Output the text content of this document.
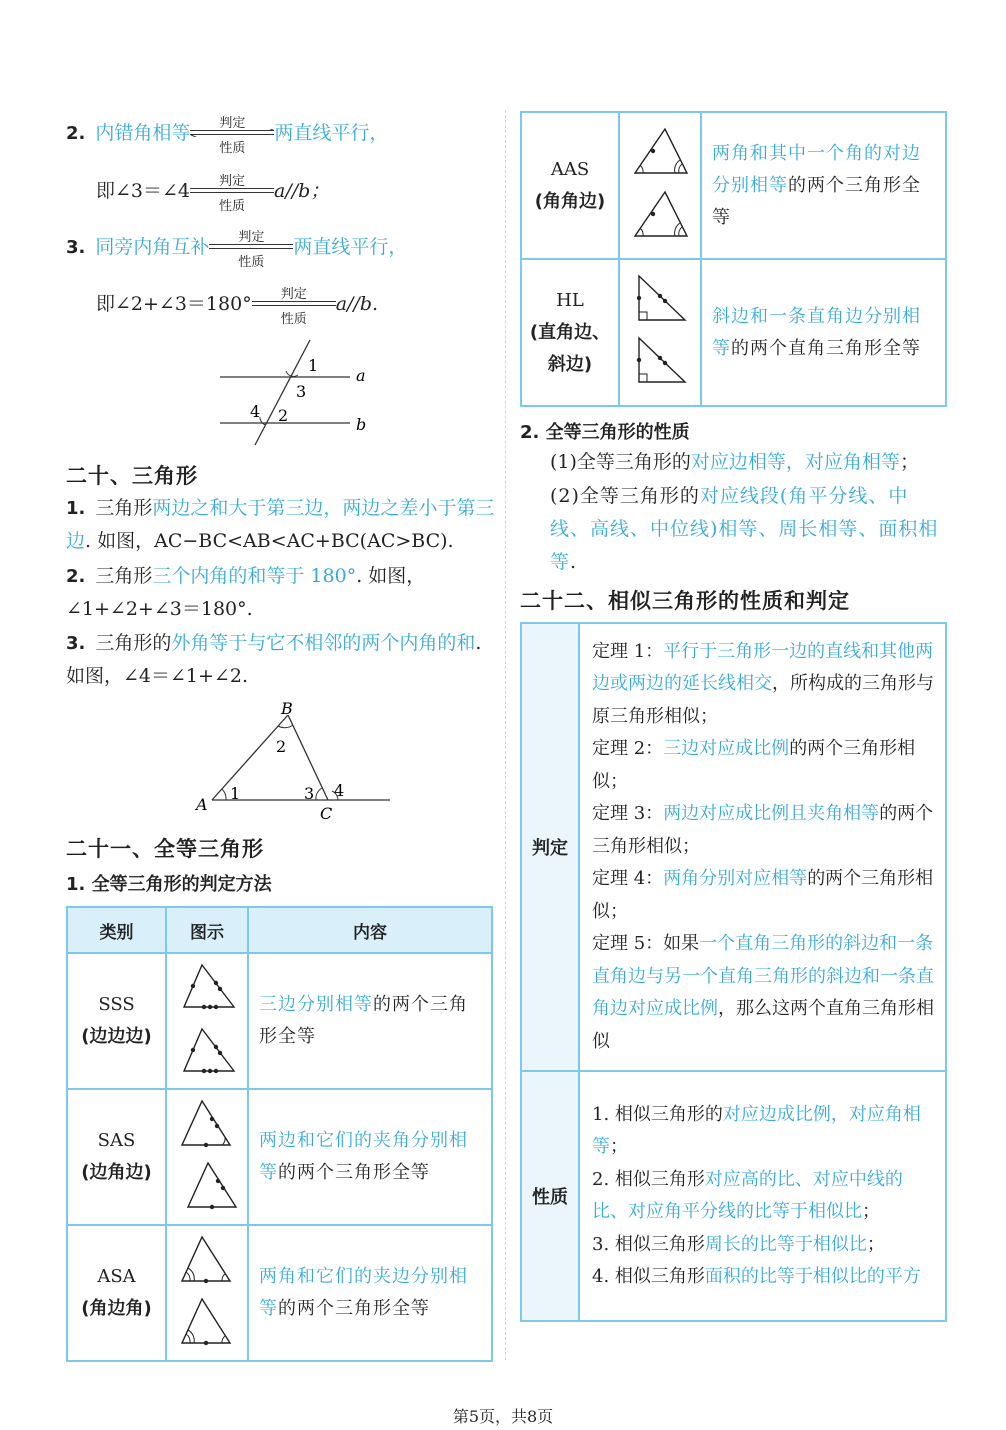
2. 内错角相等	判定
性质
两直线平行，
即∠3＝∠4	判定
性质
a//b；
3. 同旁内角互补	判定
性质
两直线平行，
即∠2+∠3＝180°	判定
性质
a//b.
1
3
4 2
a
b
二十、三角形
1. 三角形两边之和大于第三边，两边之差小于第三边. 如图，AC−BC<AB<AC+BC(AC>BC).
2. 三角形三个内角的和等于 180°. 如图，∠1+∠2+∠3＝180°.
3. 三角形的外角等于与它不相邻的两个内角的和. 如图，∠4＝∠1+∠2.
B
A	C
2
1	3 4
二十一、全等三角形
1. 全等三角形的判定方法
类别	图示	内容

SSS
(边边边)		三边分别相等的两个三角形全等

SAS
(边角边)		两边和它们的夹角分别相等的两个三角形全等

ASA
(角边角)		两角和它们的夹边分别相等的两个三角形全等
AAS
(角角边)		两角和其中一个角的对边分别相等的两个三角形全等

HL
(直角边、斜边)		斜边和一条直角边分别相等的两个直角三角形全等
2. 全等三角形的性质
(1)全等三角形的对应边相等，对应角相等；
(2)全等三角形的对应线段(角平分线、中线、高线、中位线)相等、周长相等、面积相等.
二十二、相似三角形的性质和判定
判定	定理 1：平行于三角形一边的直线和其他两边或两边的延长线相交，所构成的三角形与原三角形相似；
定理 2：三边对应成比例的两个三角形相似；
定理 3：两边对应成比例且夹角相等的两个三角形相似；
定理 4：两角分别对应相等的两个三角形相似；
定理 5：如果一个直角三角形的斜边和一条直角边与另一个直角三角形的斜边和一条直角边对应成比例，那么这两个直角三角形相似

性质	1. 相似三角形的对应边成比例，对应角相等；
2. 相似三角形对应高的比、对应中线的比、对应角平分线的比等于相似比；
3. 相似三角形周长的比等于相似比；
4. 相似三角形面积的比等于相似比的平方
第5页，共8页
